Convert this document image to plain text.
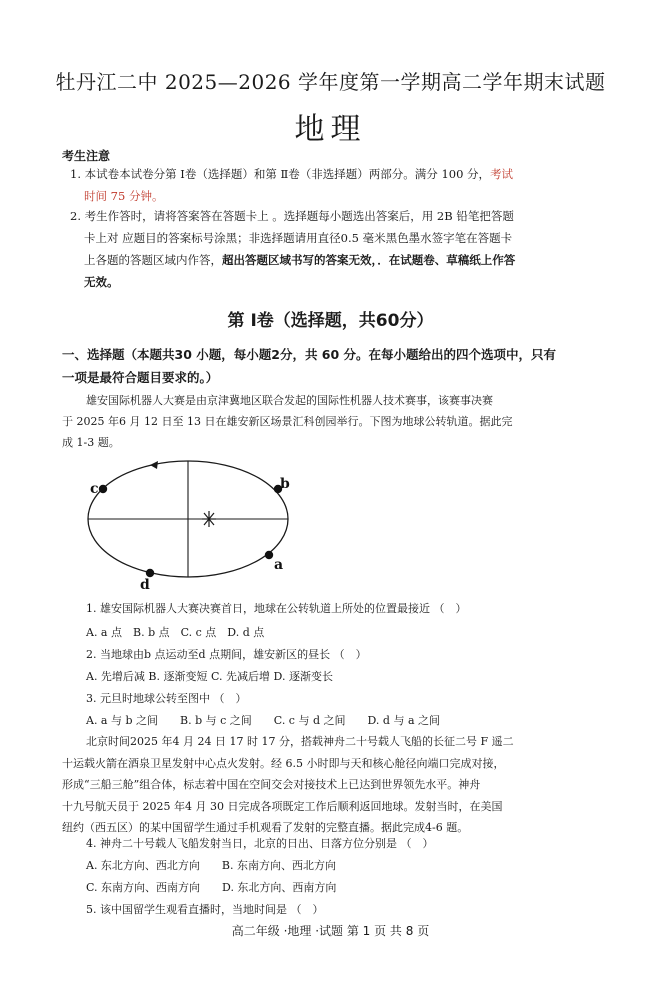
牡丹江二中 2025—2026 学年度第一学期高二学年期末试题
地理
考生注意
1. 本试卷本试卷分第 Ⅰ卷（选择题）和第 Ⅱ卷（非选择题）两部分。满分 100 分，考试
时间 75 分钟。
2. 考生作答时，请将答案答在答题卡上 。选择题每小题选出答案后，用 2B 铅笔把答题
卡上对 应题目的答案标号涂黑；非选择题请用直径0.5 毫米黑色墨水签字笔在答题卡
上各题的答题区域内作答，超出答题区域书写的答案无效，．在试题卷、草稿纸上作答
无效。
第 Ⅰ卷（选择题，共60分）
一、选择题（本题共30 小题，每小题2分，共 60 分。在每小题给出的四个选项中，只有
一项是最符合题目要求的。）
雄安国际机器人大赛是由京津冀地区联合发起的国际性机器人技术赛事，该赛事决赛
于 2025 年6 月 12 日至 13 日在雄安新区场景汇科创园举行。下图为地球公转轨道。据此完
成 1-3 题。
a
b
c
d
1. 雄安国际机器人大赛决赛首日，地球在公转轨道上所处的位置最接近 （　）
A. a 点　B. b 点　C. c 点　D. d 点
2. 当地球由b 点运动至d 点期间，雄安新区的昼长 （　）
A. 先增后减 B. 逐渐变短 C. 先减后增 D. 逐渐变长
3. 元旦时地球公转至图中 （　）
A. a 与 b 之间　　B. b 与 c 之间　　C. c 与 d 之间　　D. d 与 a 之间
北京时间2025 年4 月 24 日 17 时 17 分，搭载神舟二十号载人飞船的长征二号 F 遥二
十运载火箭在酒泉卫星发射中心点火发射。经 6.5 小时即与天和核心舱径向端口完成对接，
形成“三船三舱”组合体，标志着中国在空间交会对接技术上已达到世界领先水平。神舟
十九号航天员于 2025 年4 月 30 日完成各项既定工作后顺利返回地球。发射当时，在美国
纽约（西五区）的某中国留学生通过手机观看了发射的完整直播。据此完成4-6 题。
4. 神舟二十号载人飞船发射当日，北京的日出、日落方位分别是 （　）
A. 东北方向、西北方向　　B. 东南方向、西北方向
C. 东南方向、西南方向　　D. 东北方向、西南方向
5. 该中国留学生观看直播时，当地时间是 （　）
高二年级 ·地理 ·试题 第 1 页 共 8 页
